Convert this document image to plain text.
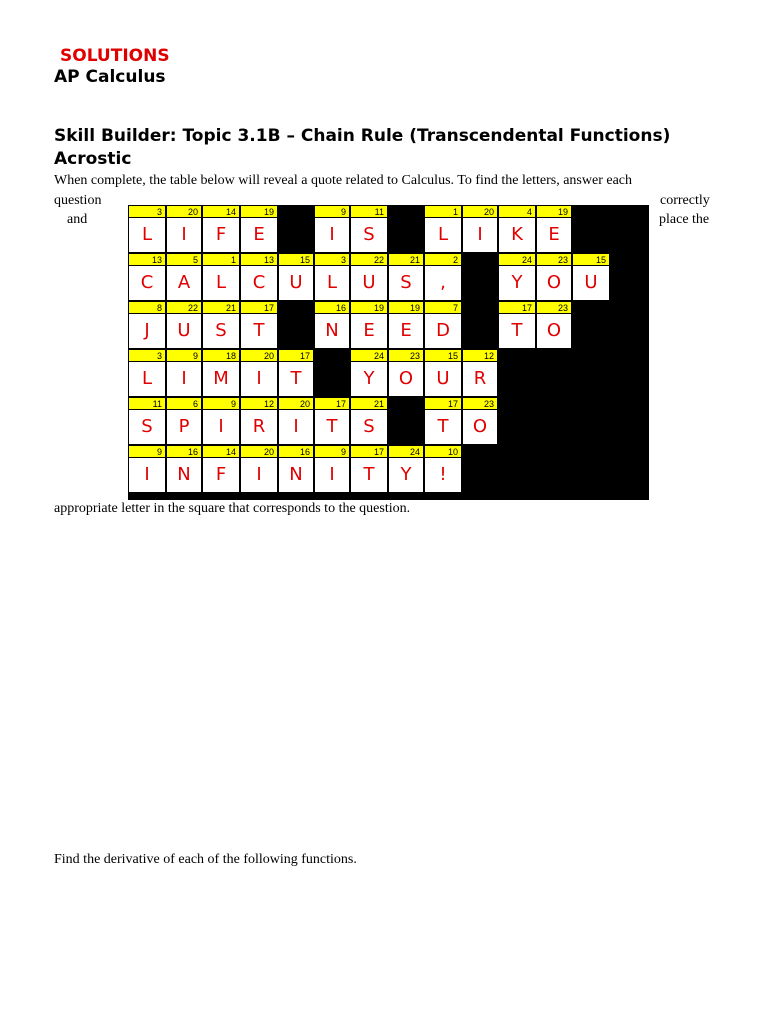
SOLUTIONS
AP Calculus
Skill Builder: Topic 3.1B – Chain Rule (Transcendental Functions)
Acrostic
When complete, the table below will reveal a quote related to Calculus. To find the letters, answer each
question
and
correctly
place the
3
L
20
I
14
F
19
E
9
I
11
S
1
L
20
I
4
K
19
E
13
C
5
A
1
L
13
C
15
U
3
L
22
U
21
S
2
,
24
Y
23
O
15
U
8
J
22
U
21
S
17
T
16
N
19
E
19
E
7
D
17
T
23
O
3
L
9
I
18
M
20
I
17
T
24
Y
23
O
15
U
12
R
11
S
6
P
9
I
12
R
20
I
17
T
21
S
17
T
23
O
9
I
16
N
14
F
20
I
16
N
9
I
17
T
24
Y
10
!
appropriate letter in the square that corresponds to the question.
Find the derivative of each of the following functions.
